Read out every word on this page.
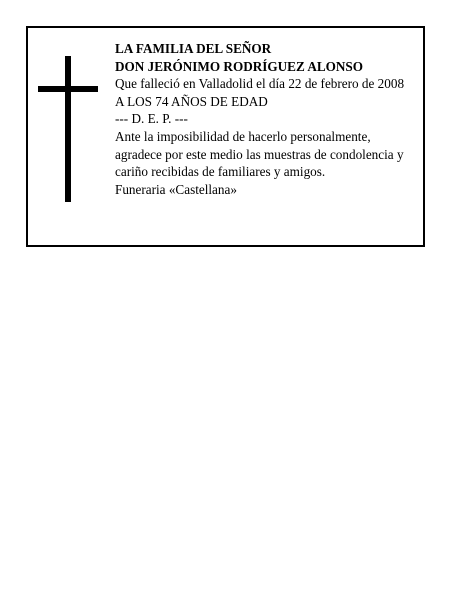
LA FAMILIA DEL SEÑOR
DON JERÓNIMO RODRÍGUEZ ALONSO
Que falleció en Valladolid el día 22 de febrero de 2008
A LOS 74 AÑOS DE EDAD
--- D. E. P. ---
Ante la imposibilidad de hacerlo personalmente,
agradece por este medio las muestras de condolencia y
cariño recibidas de familiares y amigos.
Funeraria «Castellana»
